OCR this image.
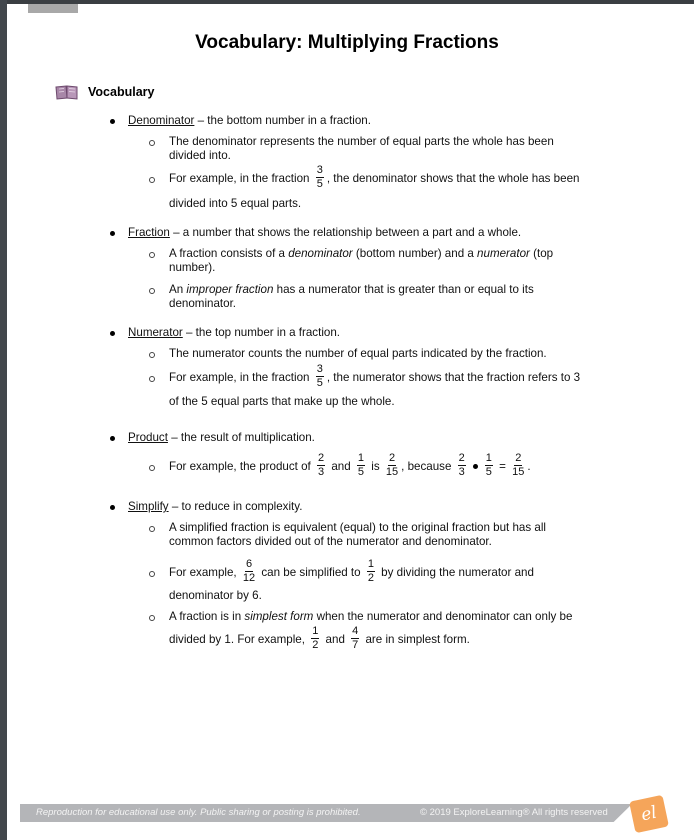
Vocabulary: Multiplying Fractions
Vocabulary
Denominator – the bottom number in a fraction.
The denominator represents the number of equal parts the whole has been
divided into.
For example, in the fraction $\frac{3}{5}$ , the denominator shows that the whole has been
divided into 5 equal parts.
Fraction – a number that shows the relationship between a part and a whole.
A fraction consists of a denominator (bottom number) and a numerator (top
number).
An improper fraction has a numerator that is greater than or equal to its
denominator.
Numerator – the top number in a fraction.
The numerator counts the number of equal parts indicated by the fraction.
For example, in the fraction $\frac{3}{5}$ , the numerator shows that the fraction refers to 3
of the 5 equal parts that make up the whole.
Product – the result of multiplication.
For example, the product of $\frac{2}{3}$ and $\frac{1}{5}$ is $\frac{2}{15}$ , because $\frac{2}{3} \frac{1}{5} = \frac{2}{15}$ .
Simplify – to reduce in complexity.
A simplified fraction is equivalent (equal) to the original fraction but has all
common factors divided out of the numerator and denominator.
For example, $\frac{6}{12}$ can be simplified to $\frac{1}{2}$ by dividing the numerator and
denominator by 6.
A fraction is in simplest form when the numerator and denominator can only be
divided by 1. For example, $\frac{1}{2}$ and $\frac{4}{7}$ are in simplest form.
Reproduction for educational use only. Public sharing or posting is prohibited.	© 2019 ExploreLearning® All rights reserved	el
